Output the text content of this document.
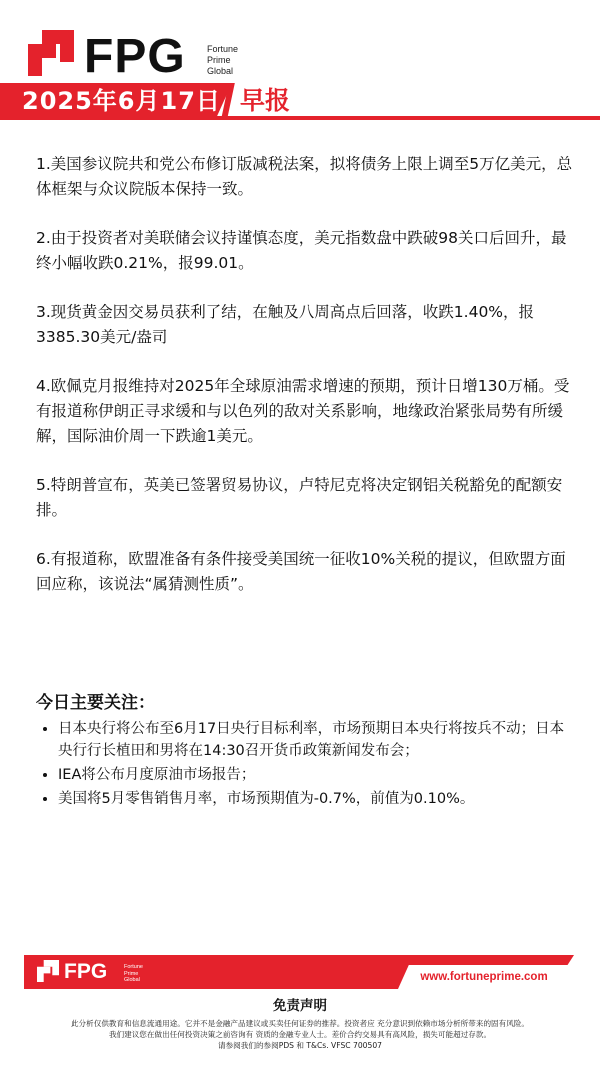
FPG Fortune
Prime
Global
2025年6月17日 早报

1.美国参议院共和党公布修订版减税法案，拟将债务上限上调至5万亿美元，总体框架与众议院版本保持一致。

2.由于投资者对美联储会议持谨慎态度，美元指数盘中跌破98关口后回升，最终小幅收跌0.21%，报99.01。

3.现货黄金因交易员获利了结，在触及八周高点后回落，收跌1.40%，报3385.30美元/盎司

4.欧佩克月报维持对2025年全球原油需求增速的预期，预计日增130万桶。受有报道称伊朗正寻求缓和与以色列的敌对关系影响，地缘政治紧张局势有所缓解，国际油价周一下跌逾1美元。

5.特朗普宣布，英美已签署贸易协议，卢特尼克将决定钢铝关税豁免的配额安排。

6.有报道称，欧盟准备有条件接受美国统一征收10%关税的提议，但欧盟方面回应称，该说法“属猜测性质”。

今日主要关注：
• 日本央行将公布至6月17日央行目标利率，市场预期日本央行将按兵不动；日本央行行长植田和男将在14:30召开货币政策新闻发布会；
• IEA将公布月度原油市场报告；
• 美国将5月零售销售月率，市场预期值为-0.7%，前值为0.10%。
FPG	Fortune
Prime
Global	www.fortuneprime.com
免责声明
此分析仅供教育和信息流通用途。它并不是金融产品建议或买卖任何证券的推荐。投资者应 充分意识到依赖市场分析所带来的固有风险。
我们建议您在做出任何投资决策之前咨询有 资质的金融专业人士。差价合约交易具有高风险，损失可能超过存款。
请参阅我们的参阅PDS 和 T&Cs. VFSC 700507
